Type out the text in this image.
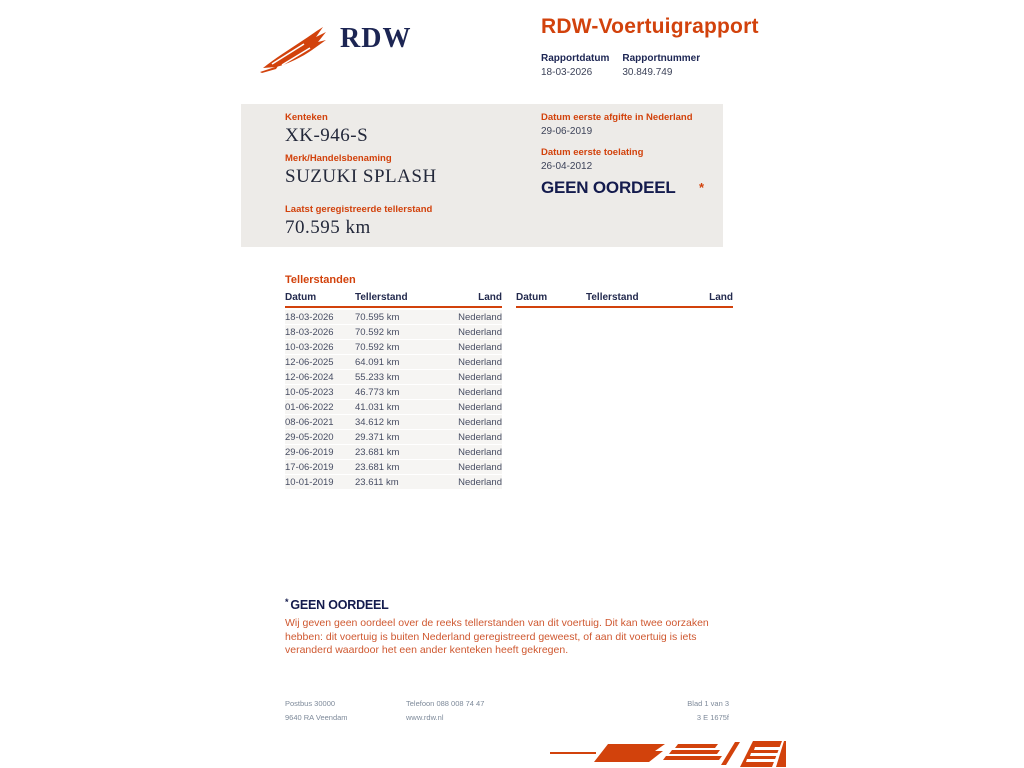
RDW	RDW-Voertuigrapport
Rapportdatum
18-03-2026
Rapportnummer
30.849.749
Kenteken
XK-946-S
Merk/Handelsbenaming
SUZUKI SPLASH
Datum eerste afgifte in Nederland
29-06-2019
Datum eerste toelating
26-04-2012
GEEN OORDEEL *
Laatst geregistreerde tellerstand
70.595 km
Tellerstanden
Datum	Tellerstand	Land
18-03-2026	70.595 km	Nederland
18-03-2026	70.592 km	Nederland
10-03-2026	70.592 km	Nederland
12-06-2025	64.091 km	Nederland
12-06-2024	55.233 km	Nederland
10-05-2023	46.773 km	Nederland
01-06-2022	41.031 km	Nederland
08-06-2021	34.612 km	Nederland
29-05-2020	29.371 km	Nederland
29-06-2019	23.681 km	Nederland
17-06-2019	23.681 km	Nederland
10-01-2019	23.611 km	Nederland
Datum	Tellerstand	Land
* GEEN OORDEEL

Wij geven geen oordeel over de reeks tellerstanden van dit voertuig. Dit kan twee oorzaken hebben: dit voertuig is buiten Nederland geregistreerd geweest, of aan dit voertuig is iets veranderd waardoor het een ander kenteken heeft gekregen.

Postbus 30000
9640 RA Veendam
Telefoon 088 008 74 47
www.rdw.nl
Blad 1 van 3
3 E 1675f
